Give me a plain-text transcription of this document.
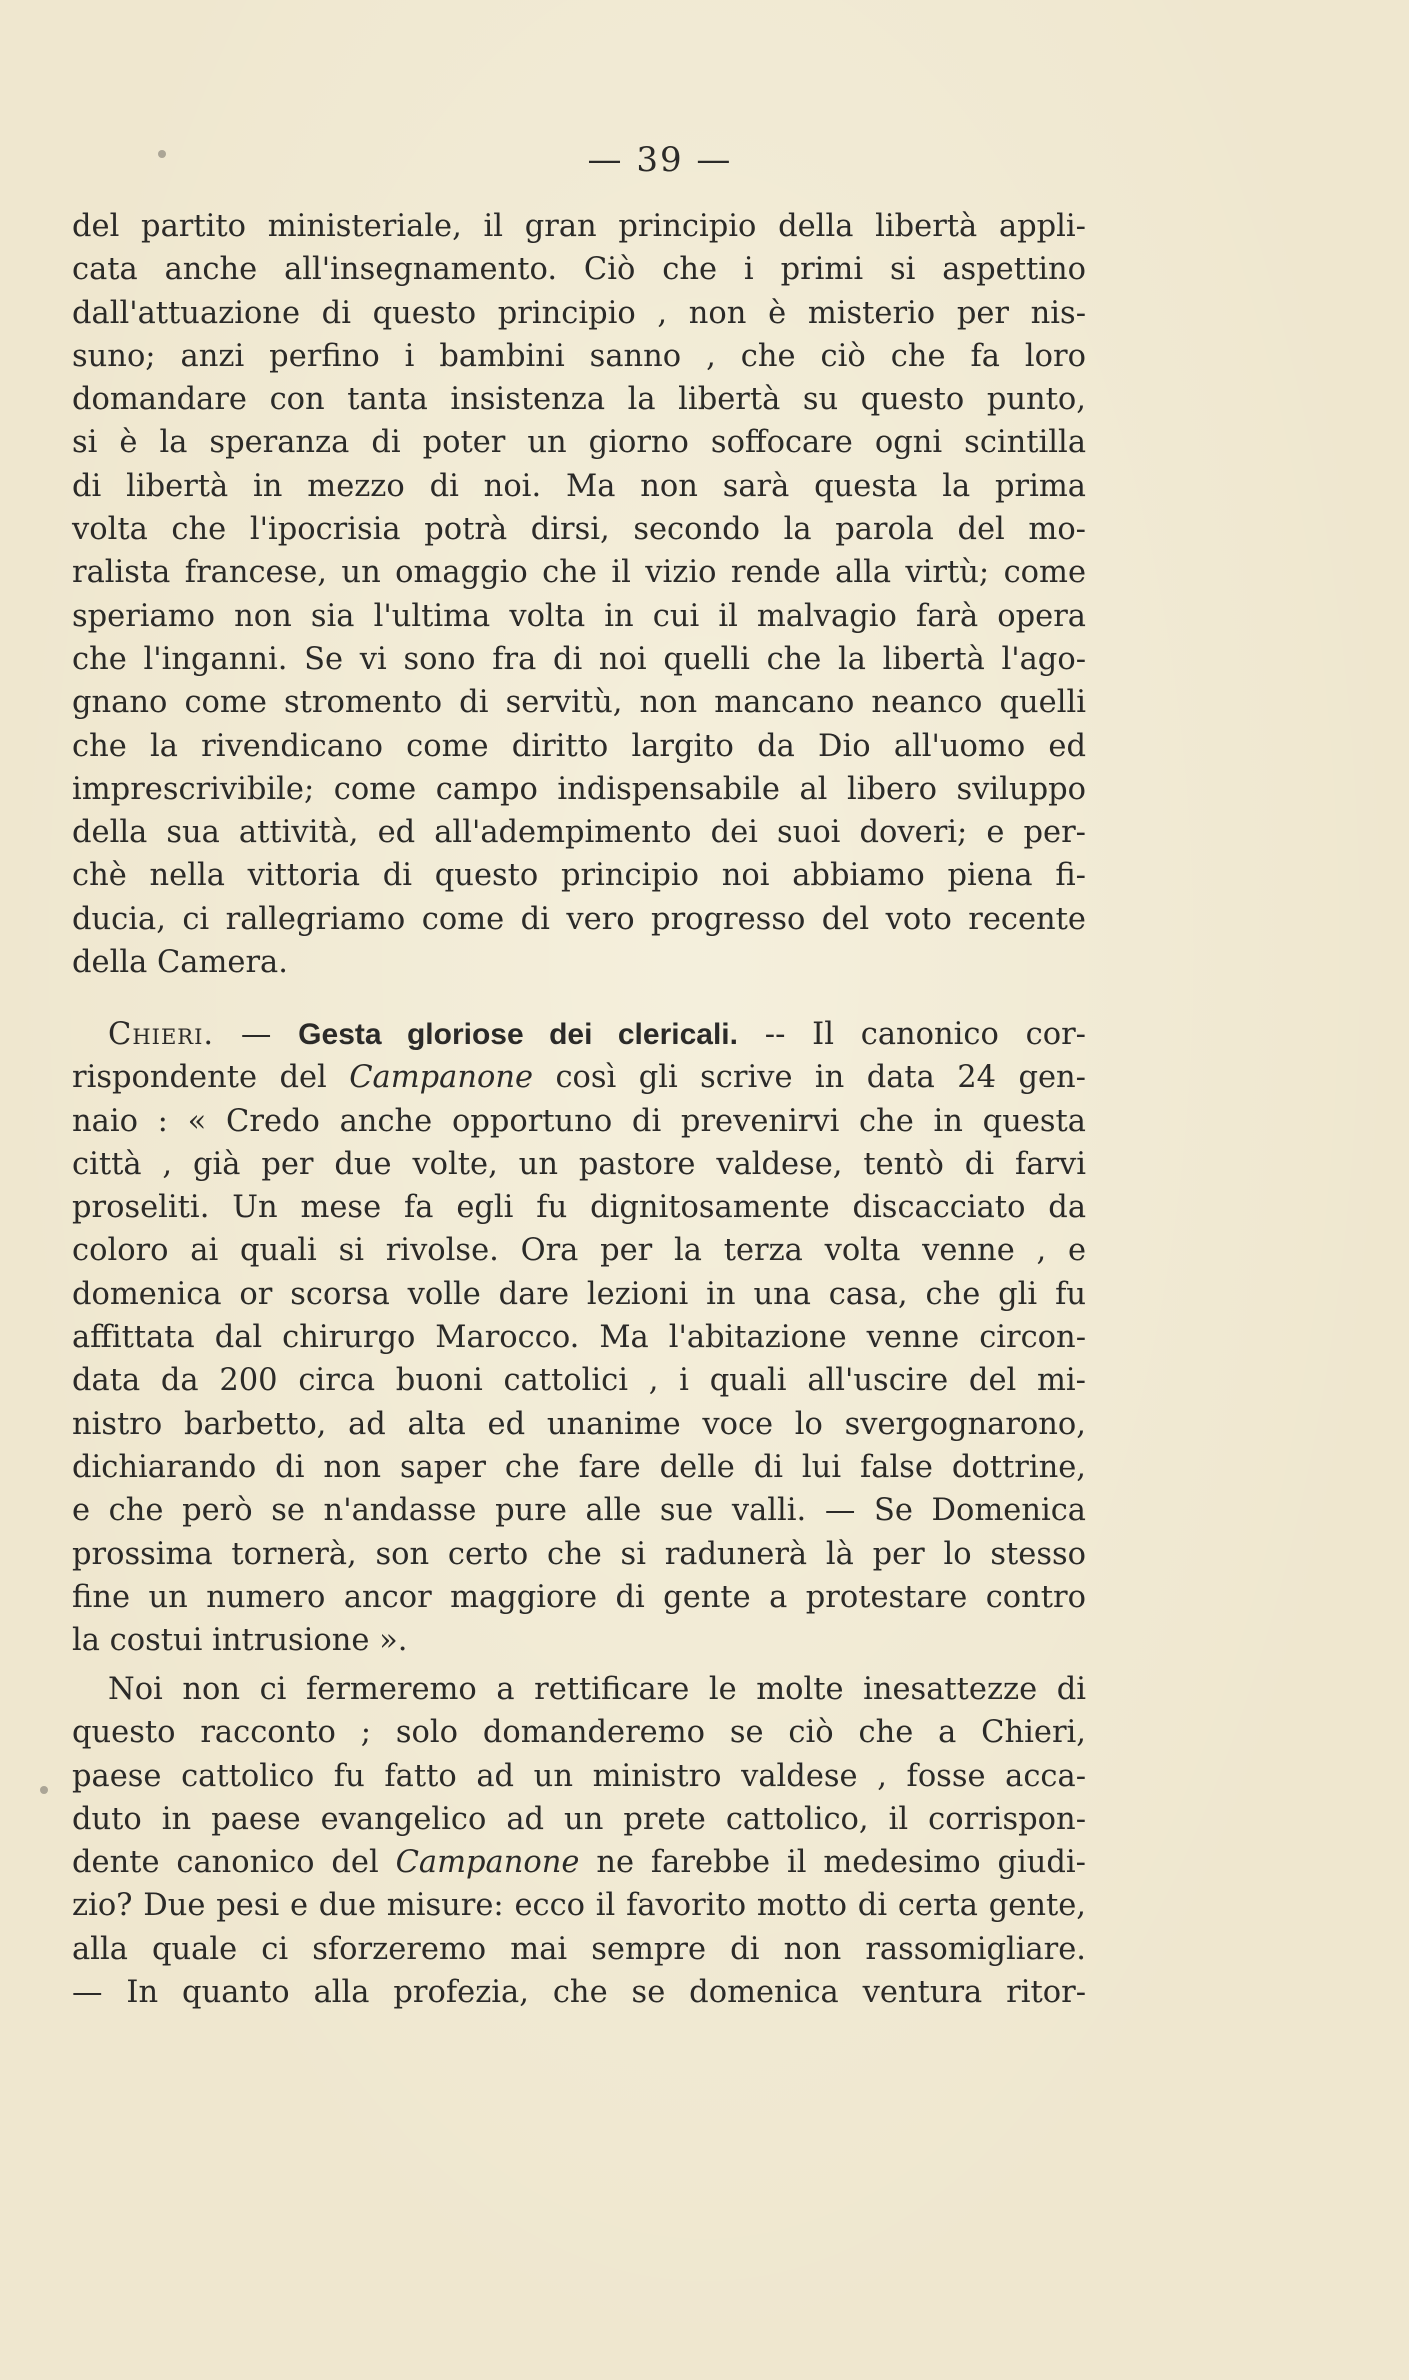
— 39 —
del partito ministeriale, il gran principio della libertà appli-
cata anche all'insegnamento. Ciò che i primi si aspettino
dall'attuazione di questo principio , non è misterio per nis-
suno; anzi perfino i bambini sanno , che ciò che fa loro
domandare con tanta insistenza la libertà su questo punto,
si è la speranza di poter un giorno soffocare ogni scintilla
di libertà in mezzo di noi. Ma non sarà questa la prima
volta che l'ipocrisia potrà dirsi, secondo la parola del mo-
ralista francese, un omaggio che il vizio rende alla virtù; come
speriamo non sia l'ultima volta in cui il malvagio farà opera
che l'inganni. Se vi sono fra di noi quelli che la libertà l'ago-
gnano come stromento di servitù, non mancano neanco quelli
che la rivendicano come diritto largito da Dio all'uomo ed
imprescrivibile; come campo indispensabile al libero sviluppo
della sua attività, ed all'adempimento dei suoi doveri; e per-
chè nella vittoria di questo principio noi abbiamo piena fi-
ducia, ci rallegriamo come di vero progresso del voto recente
della Camera.
Chieri. — Gesta gloriose dei clericali. -- Il canonico cor-
rispondente del Campanone così gli scrive in data 24 gen-
naio : « Credo anche opportuno di prevenirvi che in questa
città , già per due volte, un pastore valdese, tentò di farvi
proseliti. Un mese fa egli fu dignitosamente discacciato da
coloro ai quali si rivolse. Ora per la terza volta venne , e
domenica or scorsa volle dare lezioni in una casa, che gli fu
affittata dal chirurgo Marocco. Ma l'abitazione venne circon-
data da 200 circa buoni cattolici , i quali all'uscire del mi-
nistro barbetto, ad alta ed unanime voce lo svergognarono,
dichiarando di non saper che fare delle di lui false dottrine,
e che però se n'andasse pure alle sue valli. — Se Domenica
prossima tornerà, son certo che si radunerà là per lo stesso
fine un numero ancor maggiore di gente a protestare contro
la costui intrusione ».
Noi non ci fermeremo a rettificare le molte inesattezze di
questo racconto ; solo domanderemo se ciò che a Chieri,
paese cattolico fu fatto ad un ministro valdese , fosse acca-
duto in paese evangelico ad un prete cattolico, il corrispon-
dente canonico del Campanone ne farebbe il medesimo giudi-
zio? Due pesi e due misure: ecco il favorito motto di certa gente,
alla quale ci sforzeremo mai sempre di non rassomigliare.
— In quanto alla profezia, che se domenica ventura ritor-
